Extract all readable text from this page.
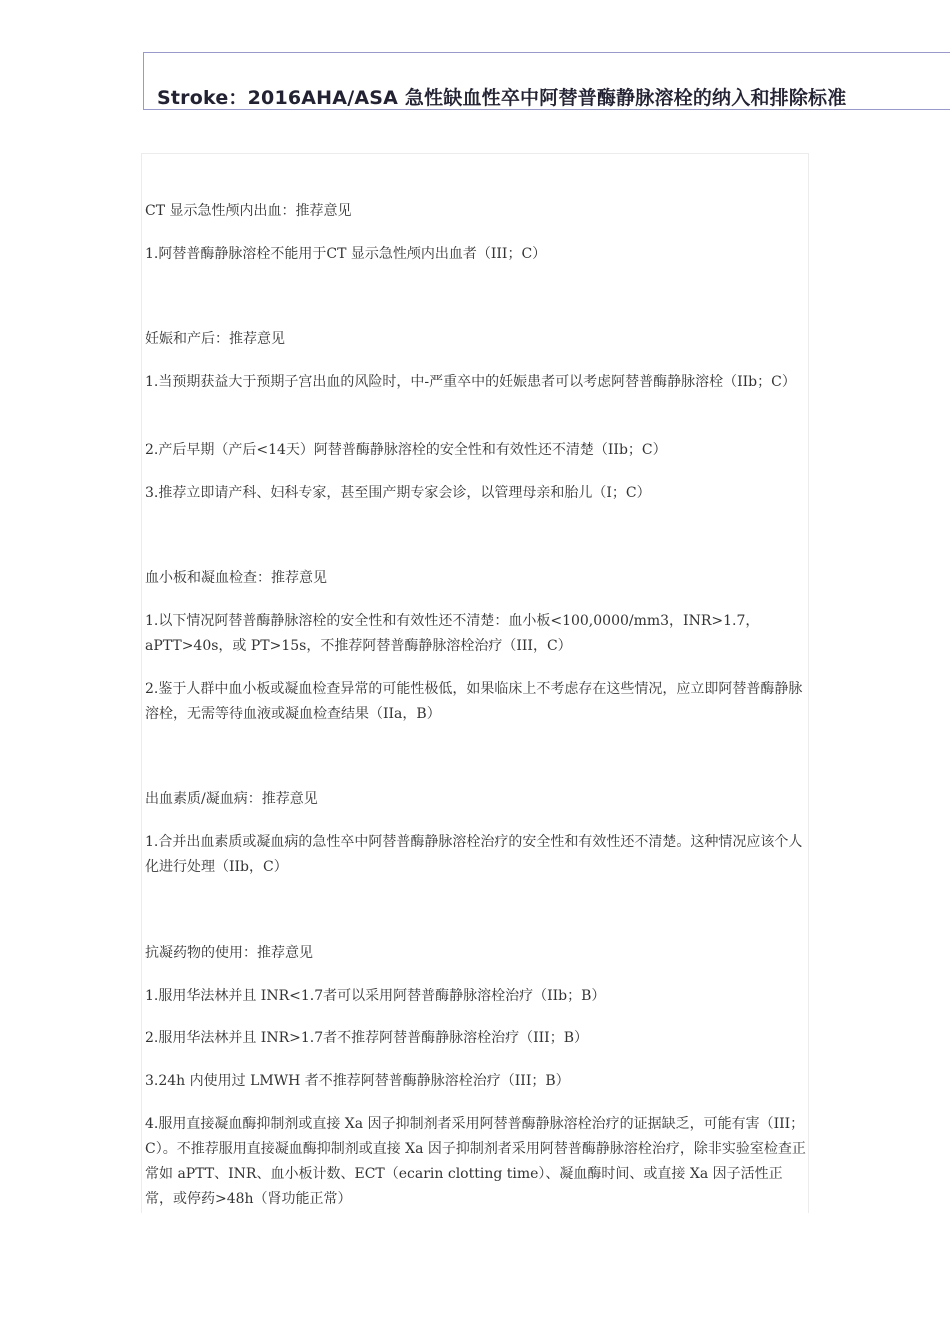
Stroke：2016AHA/ASA 急性缺血性卒中阿替普酶静脉溶栓的纳入和排除标准

CT 显示急性颅内出血：推荐意见

1.阿替普酶静脉溶栓不能用于CT 显示急性颅内出血者（III；C）

妊娠和产后：推荐意见

1.当预期获益大于预期子宫出血的风险时，中-严重卒中的妊娠患者可以考虑阿替普酶静脉溶栓（IIb；C）

2.产后早期（产后<14天）阿替普酶静脉溶栓的安全性和有效性还不清楚（IIb；C）

3.推荐立即请产科、妇科专家，甚至围产期专家会诊，以管理母亲和胎儿（I；C）

血小板和凝血检查：推荐意见

1.以下情况阿替普酶静脉溶栓的安全性和有效性还不清楚：血小板<100,0000/mm3，INR>1.7，aPTT>40s，或 PT>15s，不推荐阿替普酶静脉溶栓治疗（III，C）

2.鉴于人群中血小板或凝血检查异常的可能性极低，如果临床上不考虑存在这些情况，应立即阿替普酶静脉溶栓，无需等待血液或凝血检查结果（IIa，B）

出血素质/凝血病：推荐意见

1.合并出血素质或凝血病的急性卒中阿替普酶静脉溶栓治疗的安全性和有效性还不清楚。这种情况应该个人化进行处理（IIb，C）

抗凝药物的使用：推荐意见

1.服用华法林并且 INR<1.7者可以采用阿替普酶静脉溶栓治疗（IIb；B）

2.服用华法林并且 INR>1.7者不推荐阿替普酶静脉溶栓治疗（III；B）

3.24h 内使用过 LMWH 者不推荐阿替普酶静脉溶栓治疗（III；B）

4.服用直接凝血酶抑制剂或直接 Xa 因子抑制剂者采用阿替普酶静脉溶栓治疗的证据缺乏，可能有害（III；C）。不推荐服用直接凝血酶抑制剂或直接 Xa 因子抑制剂者采用阿替普酶静脉溶栓治疗，除非实验室检查正常如 aPTT、INR、血小板计数、ECT（ecarin clotting time）、凝血酶时间、或直接 Xa 因子活性正常，或停药>48h（肾功能正常）
